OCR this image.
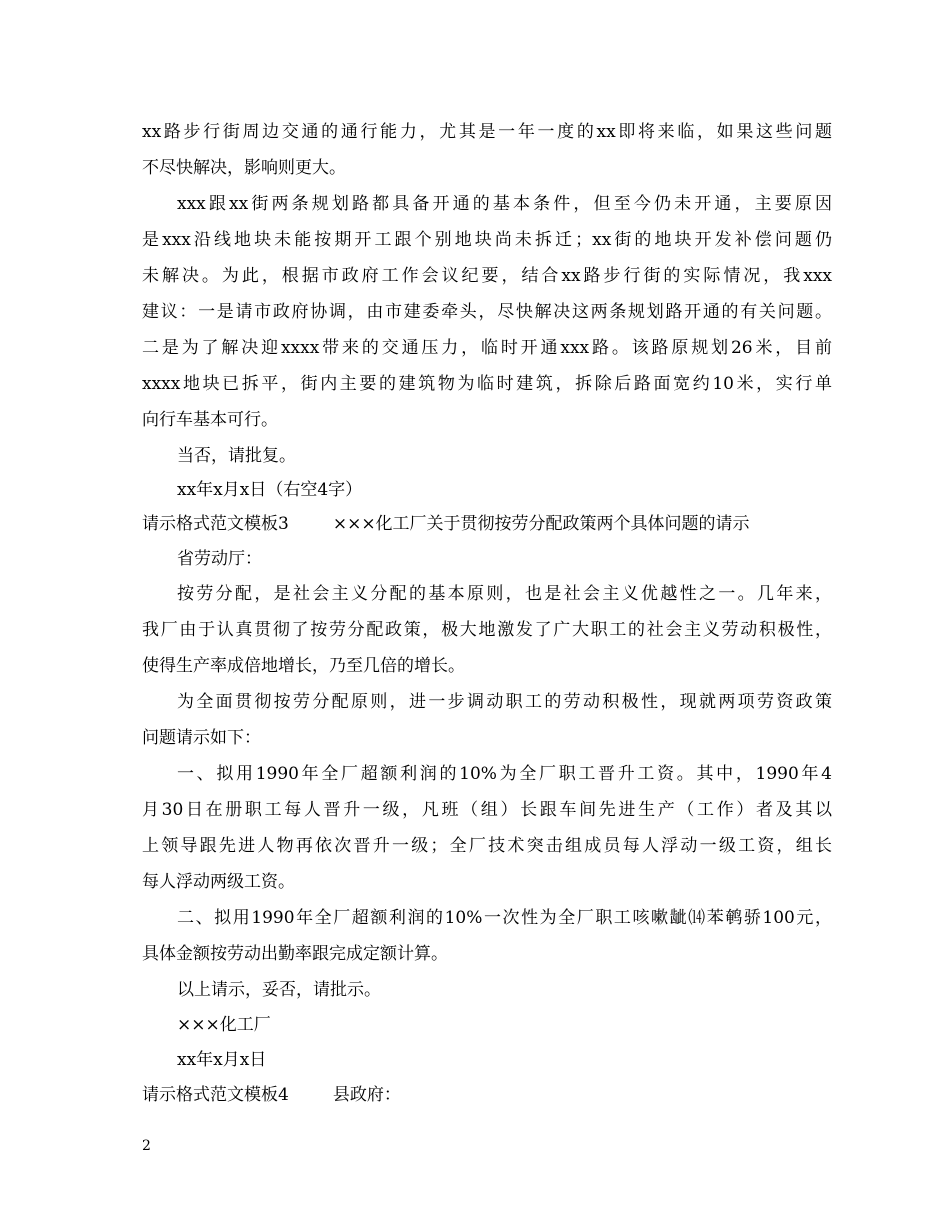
xx路步行街周边交通的通行能力，尤其是一年一度的xx即将来临，如果这些问题
不尽快解决，影响则更大。
xxx跟xx街两条规划路都具备开通的基本条件，但至今仍未开通，主要原因
是xxx沿线地块未能按期开工跟个别地块尚未拆迁；xx街的地块开发补偿问题仍
未解决。为此，根据市政府工作会议纪要，结合xx路步行街的实际情况，我xxx
建议：一是请市政府协调，由市建委牵头，尽快解决这两条规划路开通的有关问题。
二是为了解决迎xxxx带来的交通压力，临时开通xxx路。该路原规划26米，目前
xxxx地块已拆平，街内主要的建筑物为临时建筑，拆除后路面宽约10米，实行单
向行车基本可行。
当否，请批复。
xx年x月x日（右空4字）
请示格式范文模板3	×××化工厂关于贯彻按劳分配政策两个具体问题的请示
省劳动厅：
按劳分配，是社会主义分配的基本原则，也是社会主义优越性之一。几年来，
我厂由于认真贯彻了按劳分配政策，极大地激发了广大职工的社会主义劳动积极性，
使得生产率成倍地增长，乃至几倍的增长。
为全面贯彻按劳分配原则，进一步调动职工的劳动积极性，现就两项劳资政策
问题请示如下：
一、拟用1990年全厂超额利润的10%为全厂职工晋升工资。其中，1990年4
月30日在册职工每人晋升一级，凡班（组）长跟车间先进生产（工作）者及其以
上领导跟先进人物再依次晋升一级；全厂技术突击组成员每人浮动一级工资，组长
每人浮动两级工资。
二、拟用1990年全厂超额利润的10%一次性为全厂职工咳嗽龇⒁苯鹌骄100元，
具体金额按劳动出勤率跟完成定额计算。
以上请示，妥否，请批示。
×××化工厂
xx年x月x日
请示格式范文模板4	县政府：
2
